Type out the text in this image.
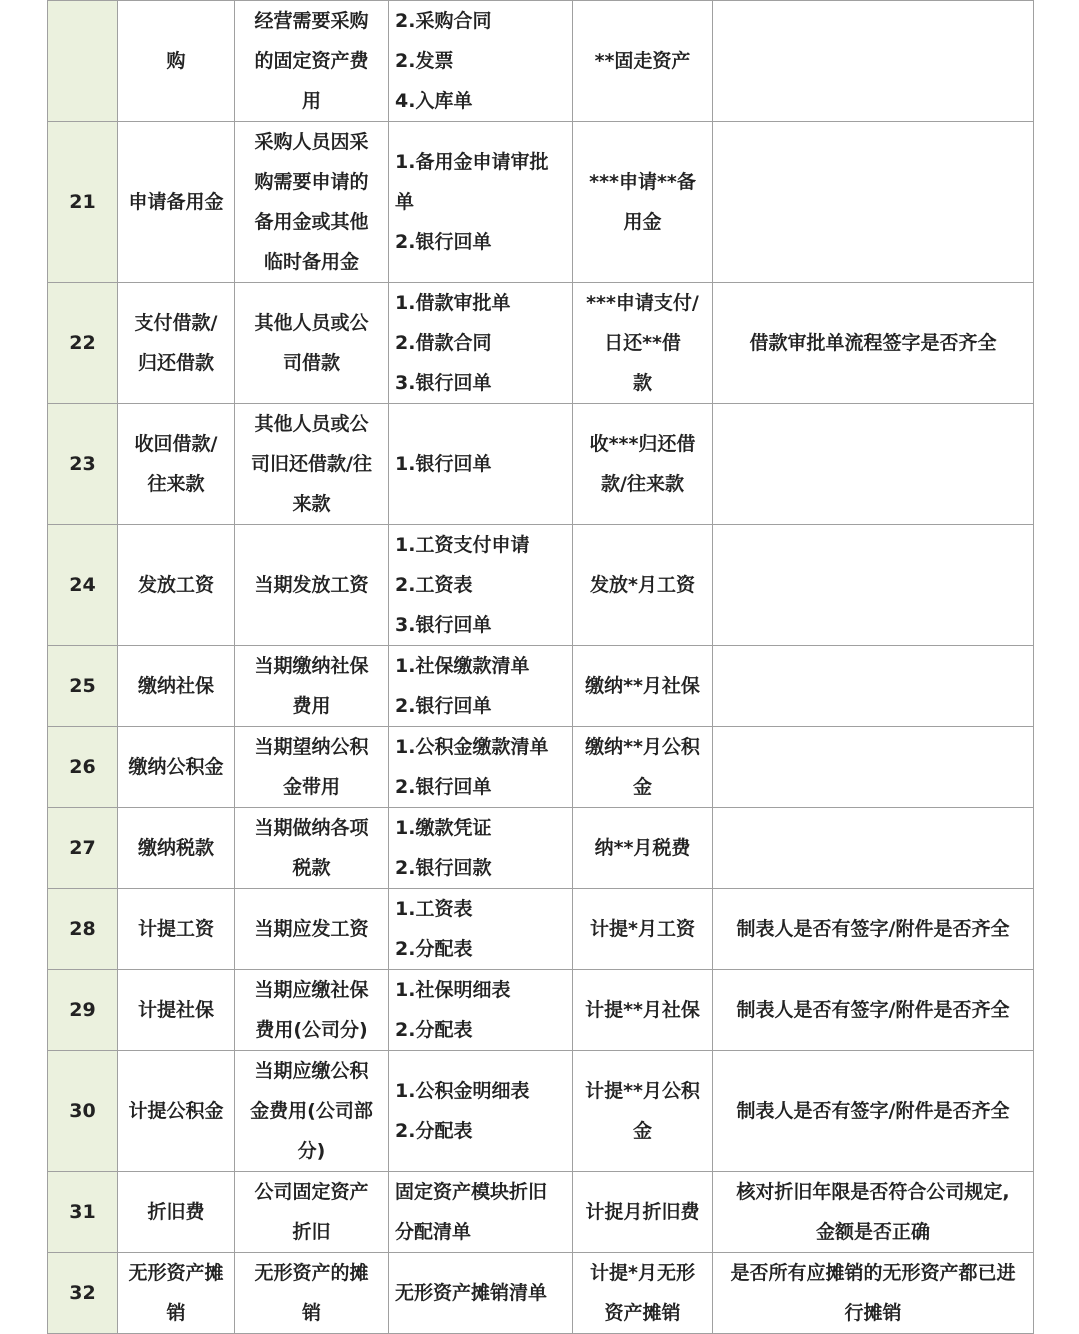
	购	经营需要采购
的固定资产费
用	2.采购合同
2.发票
4.入库单	**固走资产	

21	申请备用金	采购人员因采
购需要申请的
备用金或其他
临时备用金	1.备用金申请审批
单
2.银行回单	***申请**备
用金	

22	支付借款/
归还借款	其他人员或公
司借款	1.借款审批单
2.借款合同
3.银行回单	***申请支付/
日还**借
款	借款审批单流程签字是否齐全

23	收回借款/
往来款	其他人员或公
司旧还借款/往
来款	1.银行回单	收***归还借
款/往来款	

24	发放工资	当期发放工资	1.工资支付申请
2.工资表
3.银行回单	发放*月工资	

25	缴纳社保	当期缴纳社保
费用	1.社保缴款清单
2.银行回单	缴纳**月社保	

26	缴纳公积金	当期望纳公积
金带用	1.公积金缴款清单
2.银行回单	缴纳**月公积
金	

27	缴纳税款	当期做纳各项
税款	1.缴款凭证
2.银行回款	纳**月税费	

28	计提工资	当期应发工资	1.工资表
2.分配表	计提*月工资	制表人是否有签字/附件是否齐全

29	计提社保	当期应缴社保
费用(公司分)	1.社保明细表
2.分配表	计提**月社保	制表人是否有签字/附件是否齐全

30	计提公积金	当期应缴公积
金费用(公司部
分)	1.公积金明细表
2.分配表	计提**月公积
金	制表人是否有签字/附件是否齐全

31	折旧费	公司固定资产
折旧	固定资产模块折旧
分配清单	计捉月折旧费	核对折旧年限是否符合公司规定,
金额是否正确

32	无形资产摊
销	无形资产的摊
销	无形资产摊销清单	计提*月无形
资产摊销	是否所有应摊销的无形资产都已进
行摊销
